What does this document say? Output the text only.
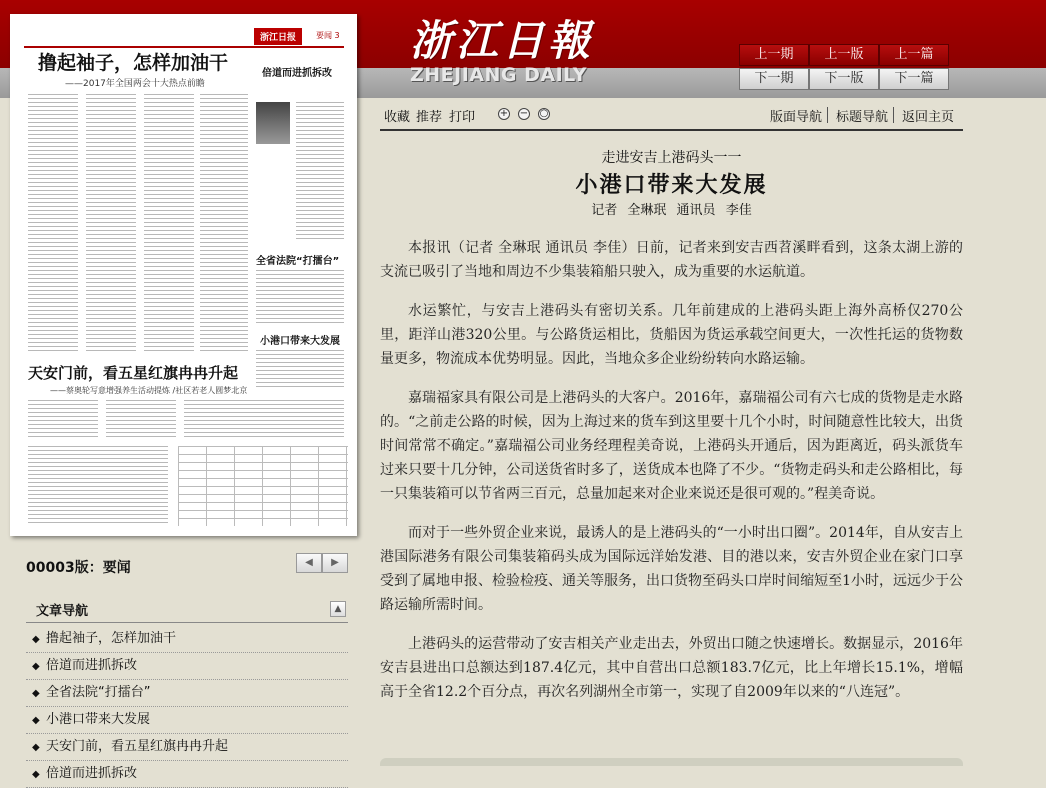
浙江日報
ZHEJIANG DAILY
上一期	上一版	上一篇
下一期	下一版	下一篇
浙江日报	要闻 3
撸起袖子，怎样加油干
——2017年全国两会十大热点前瞻
倍道而进抓拆改
全省法院“打擂台”
小港口带来大发展
天安门前，看五星红旗冉冉升起
——蔡奥轮写意增强养生活动提炼 /社区若老人圆梦北京
00003版：要闻	◀	▶
文章导航	▲
◆ 撸起袖子，怎样加油干
◆ 倍道而进抓拆改
◆ 全省法院“打擂台”
◆ 小港口带来大发展
◆ 天安门前，看五星红旗冉冉升起
◆ 倍道而进抓拆改
收藏 推荐 打印 + − ○	版面导航 标题导航 返回主页
走进安吉上港码头一一
小港口带来大发展
记者 全琳珉 通讯员 李佳

本报讯（记者 全琳珉 通讯员 李佳）日前，记者来到安吉西苕溪畔看到，这条太湖上游的支流已吸引了当地和周边不少集装箱船只驶入，成为重要的水运航道。

水运繁忙，与安吉上港码头有密切关系。几年前建成的上港码头距上海外高桥仅270公里，距洋山港320公里。与公路货运相比，货船因为货运承载空间更大，一次性托运的货物数量更多，物流成本优势明显。因此，当地众多企业纷纷转向水路运输。

嘉瑞福家具有限公司是上港码头的大客户。2016年，嘉瑞福公司有六七成的货物是走水路的。“之前走公路的时候，因为上海过来的货车到这里要十几个小时，时间随意性比较大，出货时间常常不确定。”嘉瑞福公司业务经理程美奇说，上港码头开通后，因为距离近，码头派货车过来只要十几分钟，公司送货省时多了，送货成本也降了不少。“货物走码头和走公路相比，每一只集装箱可以节省两三百元，总量加起来对企业来说还是很可观的。”程美奇说。

而对于一些外贸企业来说，最诱人的是上港码头的“一小时出口圈”。2014年，自从安吉上港国际港务有限公司集装箱码头成为国际远洋始发港、目的港以来，安吉外贸企业在家门口享受到了属地申报、检验检疫、通关等服务，出口货物至码头口岸时间缩短至1小时，远远少于公路运输所需时间。

上港码头的运营带动了安吉相关产业走出去，外贸出口随之快速增长。数据显示，2016年安吉县进出口总额达到187.4亿元，其中自营出口总额183.7亿元，比上年增长15.1%，增幅高于全省12.2个百分点，再次名列湖州全市第一，实现了自2009年以来的“八连冠”。
